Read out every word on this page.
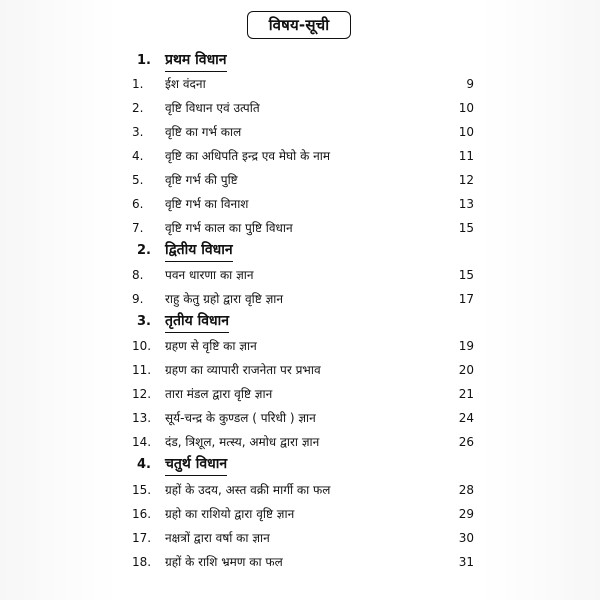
विषय-सूची
1.	प्रथम विधान
1.	ईश वंदना	9
2.	वृष्टि विधान एवं उत्पति	10
3.	वृष्टि का गर्भ काल	10
4.	वृष्टि का अधिपति इन्द्र एव मेघो के नाम	11
5.	वृष्टि गर्भ की पुष्टि	12
6.	वृष्टि गर्भ का विनाश	13
7.	वृष्टि गर्भ काल का पुष्टि विधान	15
2.	द्वितीय विधान
8.	पवन धारणा का ज्ञान	15
9.	राहु केतु ग्रहो द्वारा वृष्टि ज्ञान	17
3.	तृतीय विधान
10. ग्रहण से वृष्टि का ज्ञान	19
11. ग्रहण का व्यापारी राजनेता पर प्रभाव	20
12. तारा मंडल द्वारा वृष्टि ज्ञान	21
13. सूर्य-चन्द्र के कुण्डल ( परिधी ) ज्ञान	24
14. दंड, त्रिशूल, मत्स्य, अमोध द्वारा ज्ञान	26
4.	चतुर्थ विधान
15. ग्रहों के उदय, अस्त वक्री मार्गी का फल	28
16. ग्रहो का राशियो द्वारा वृष्टि ज्ञान	29
17. नक्षत्रों द्वारा वर्षा का ज्ञान	30
18. ग्रहों के राशि भ्रमण का फल	31
